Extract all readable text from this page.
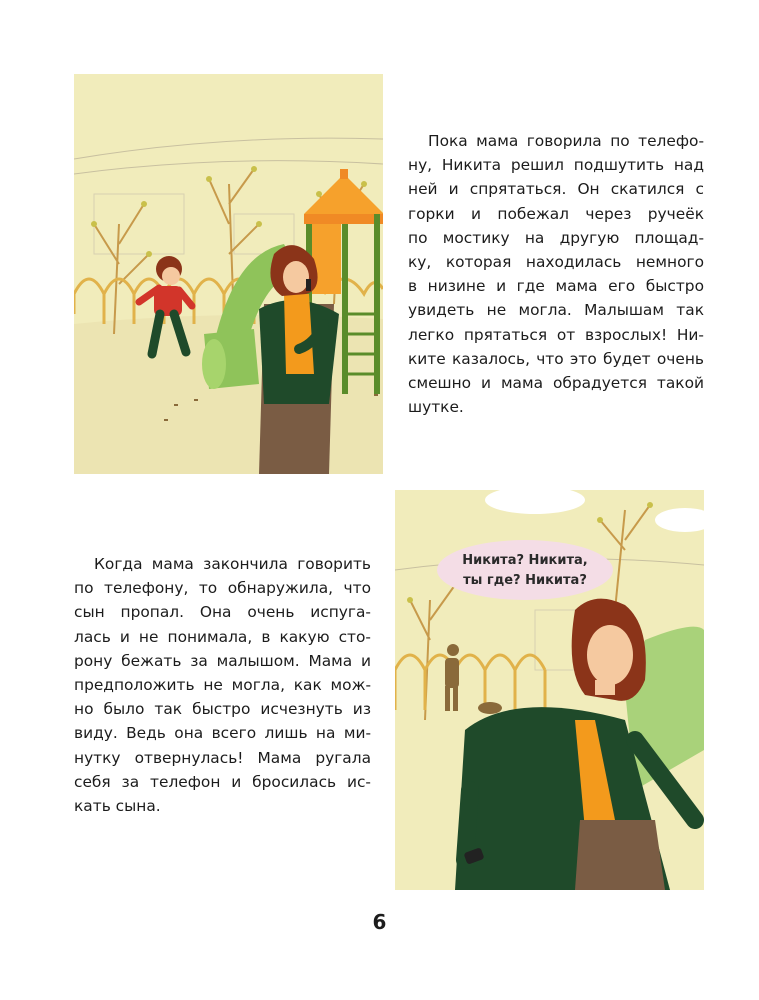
Пока мама говорила по телефо-
ну, Никита решил подшутить над
ней и спрятаться. Он скатился с
горки и побежал через ручеёк
по мостику на другую площад-
ку, которая находилась немного
в низине и где мама его быстро
увидеть не могла. Малышам так
легко прятаться от взрослых! Ни-
ките казалось, что это будет очень
смешно и мама обрадуется такой
шутке.

Когда мама закончила говорить
по телефону, то обнаружила, что
сын пропал. Она очень испуга-
лась и не понимала, в какую сто-
рону бежать за малышом. Мама и
предположить не могла, как мож-
но было так быстро исчезнуть из
виду. Ведь она всего лишь на ми-
нутку отвернулась! Мама ругала
себя за телефон и бросилась ис-
кать сына.

Никита? Никита,
ты где? Никита?
6
